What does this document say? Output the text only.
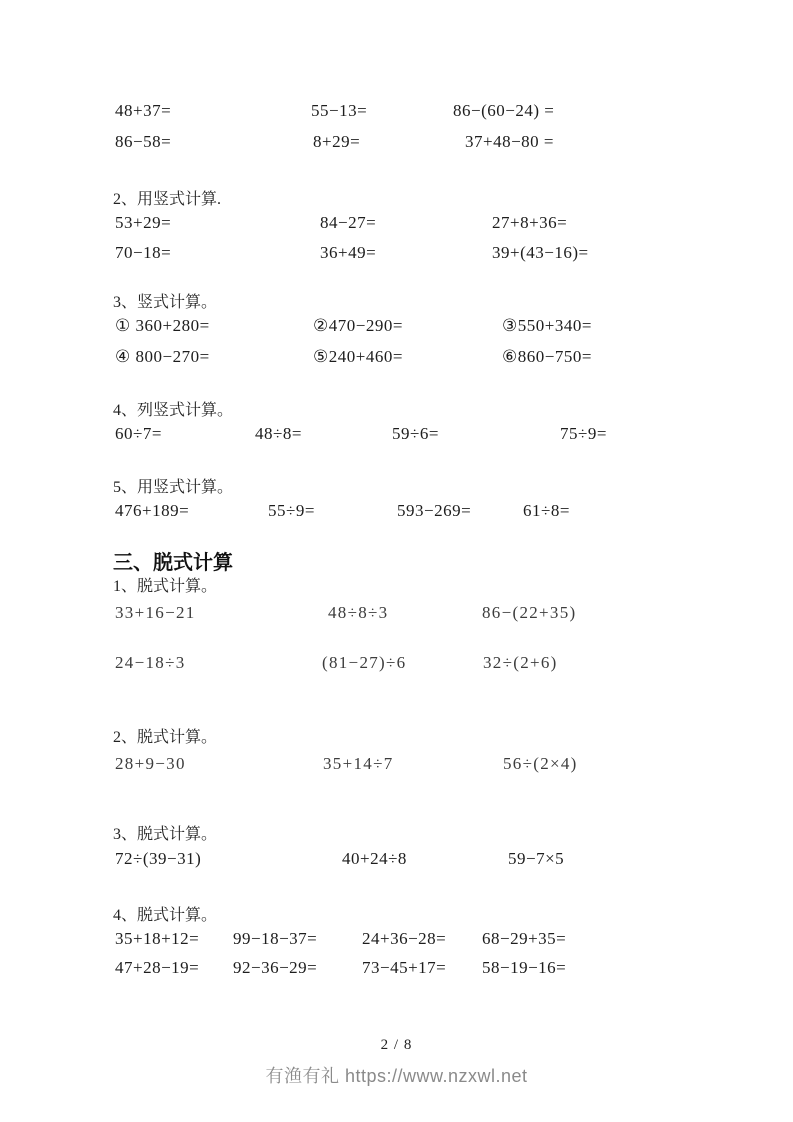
48+37=	55−13=	86−(60−24) =
86−58=	8+29=	37+48−80 =
2、用竖式计算.
53+29=	84−27=	27+8+36=
70−18=	36+49=	39+(43−16)=
3、竖式计算。
① 360+280=	②470−290=	③550+340=
④ 800−270=	⑤240+460=	⑥860−750=
4、列竖式计算。
60÷7=	48÷8=	59÷6=	75÷9=
5、用竖式计算。
476+189=	55÷9=	593−269=	61÷8=
三、脱式计算
1、脱式计算。
33+16−21	48÷8÷3	86−(22+35)
24−18÷3	(81−27)÷6	32÷(2+6)
2、脱式计算。
28+9−30	35+14÷7	56÷(2×4)
3、脱式计算。
72÷(39−31)	40+24÷8	59−7×5
4、脱式计算。
35+18+12=	99−18−37=	24+36−28=	68−29+35=
47+28−19=	92−36−29=	73−45+17=	58−19−16=
2 / 8
有渔有礼 https://www.nzxwl.net
